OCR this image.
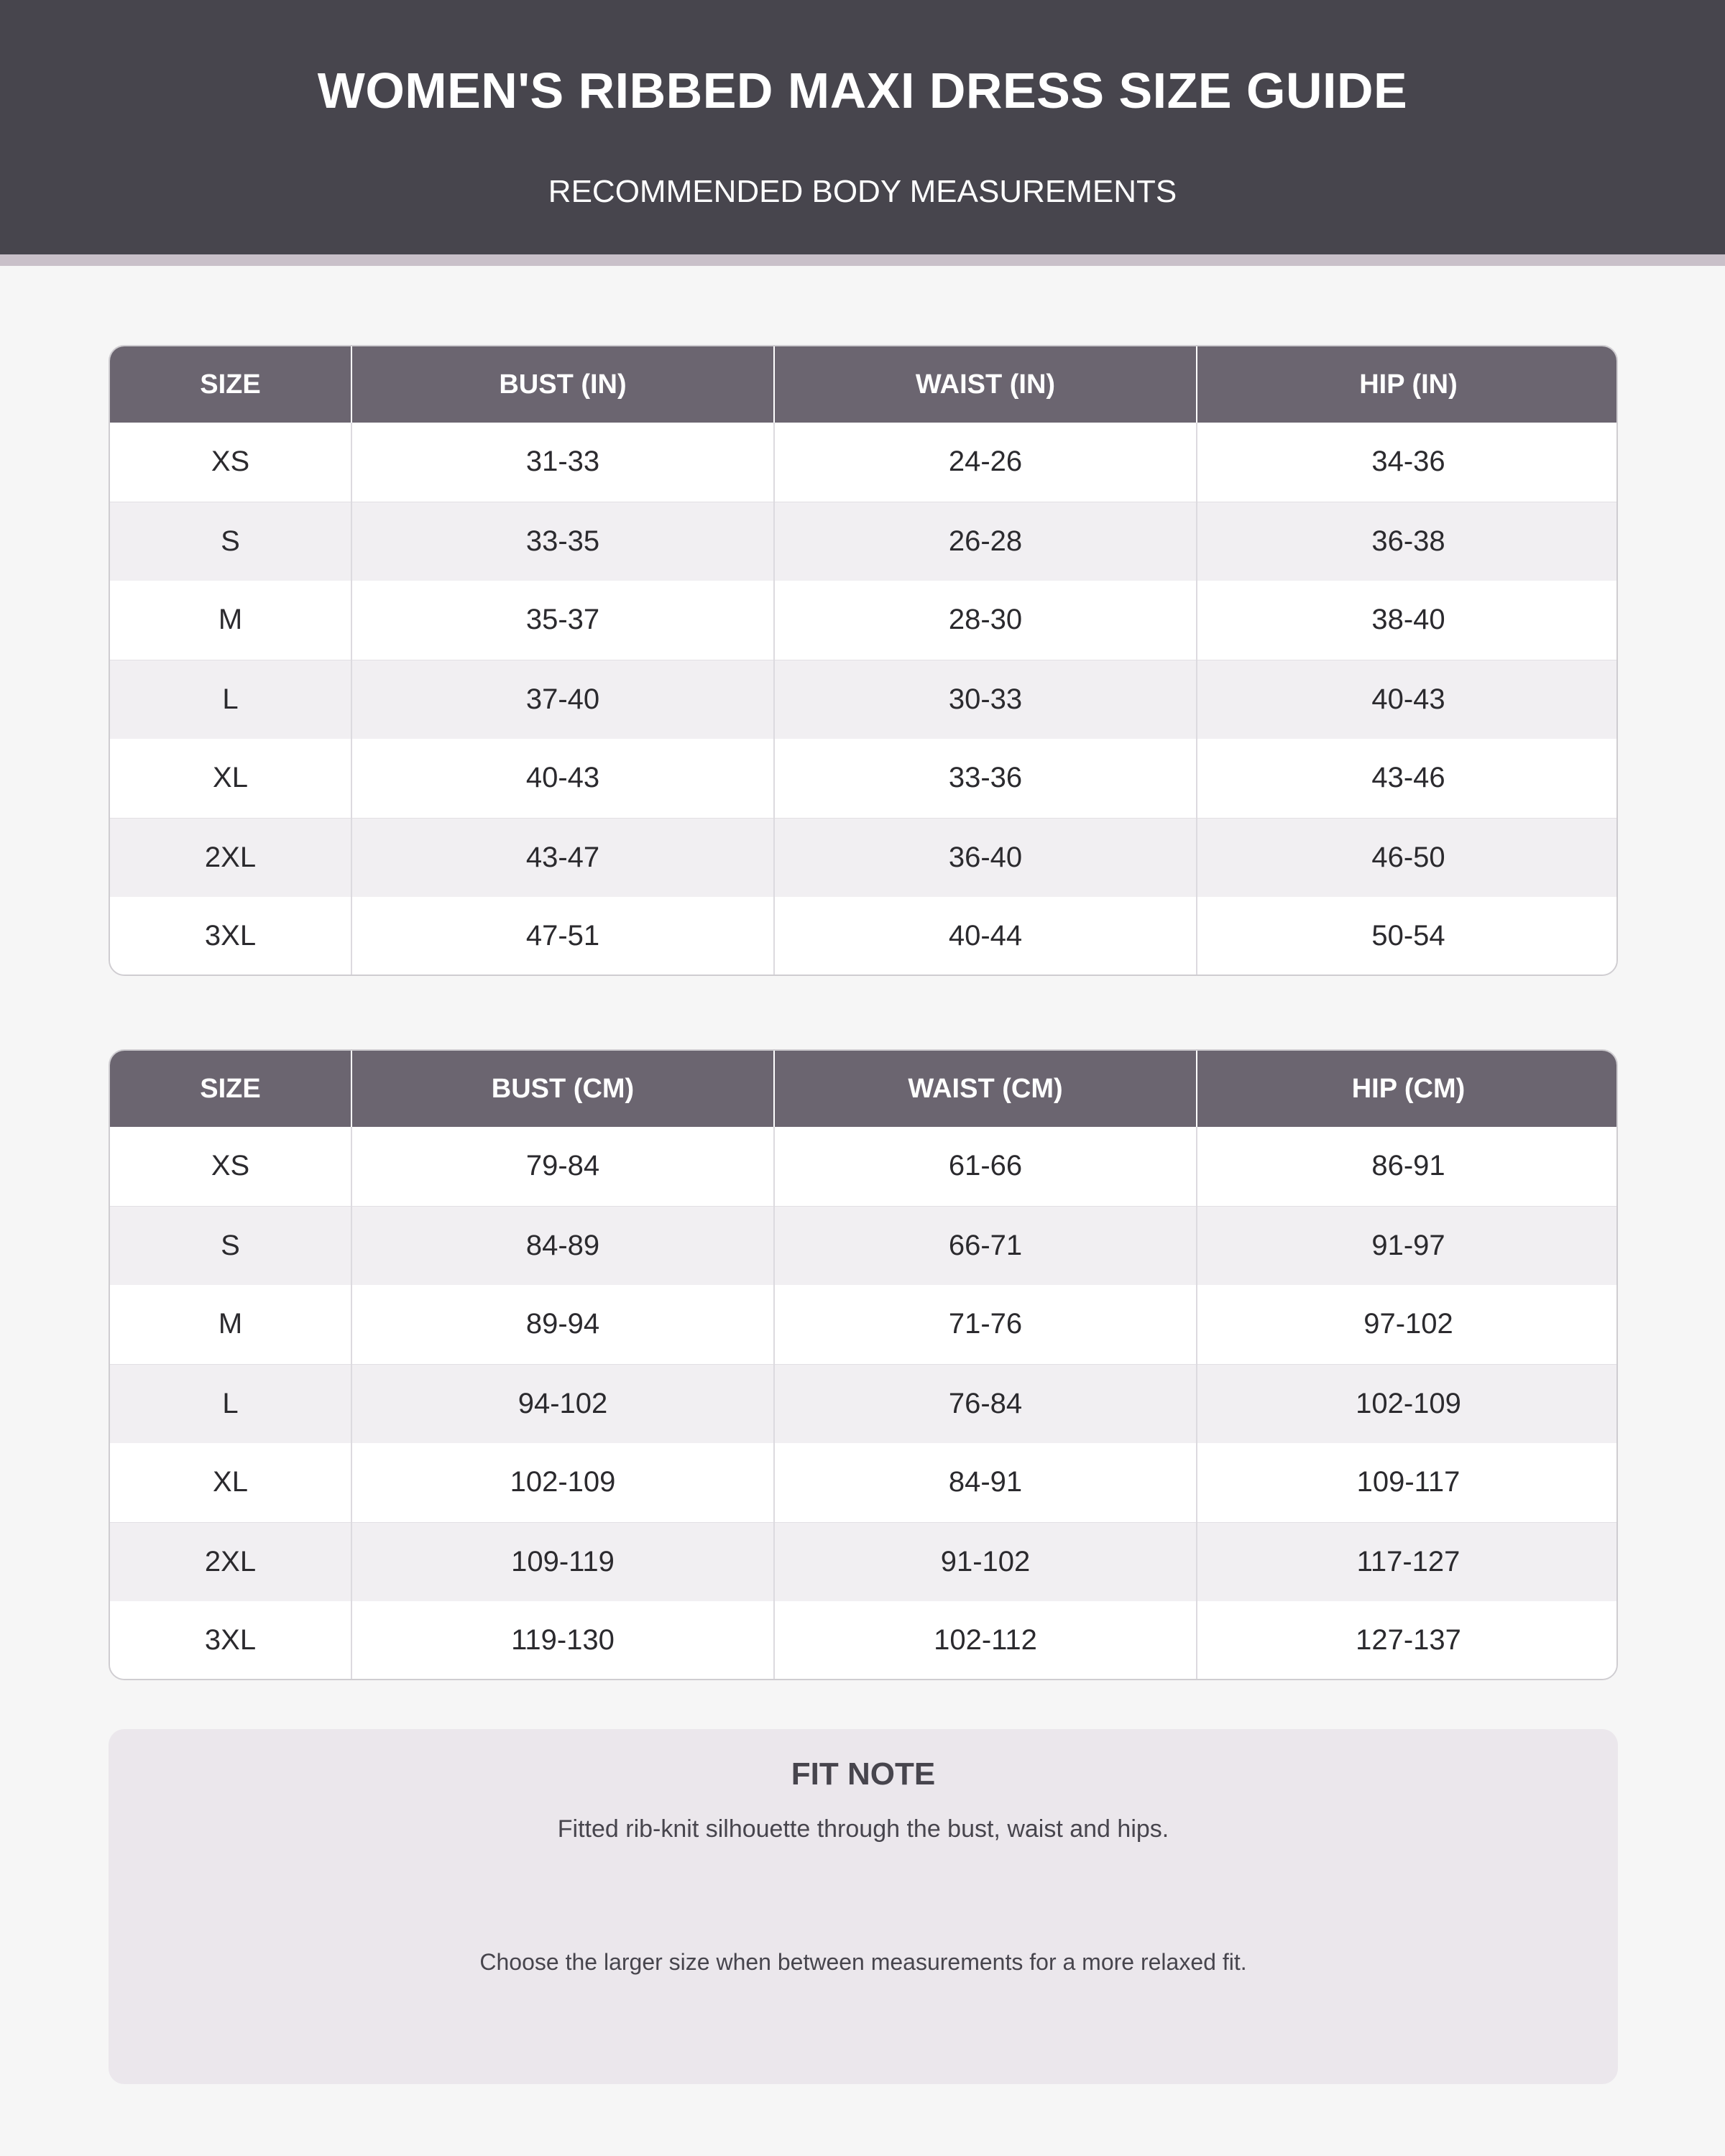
WOMEN'S RIBBED MAXI DRESS SIZE GUIDE
RECOMMENDED BODY MEASUREMENTS
SIZE	BUST (IN)	WAIST (IN)	HIP (IN)
XS	31-33	24-26	34-36
S	33-35	26-28	36-38
M	35-37	28-30	38-40
L	37-40	30-33	40-43
XL	40-43	33-36	43-46
2XL	43-47	36-40	46-50
3XL	47-51	40-44	50-54
SIZE	BUST (CM)	WAIST (CM)	HIP (CM)
XS	79-84	61-66	86-91
S	84-89	66-71	91-97
M	89-94	71-76	97-102
L	94-102	76-84	102-109
XL	102-109	84-91	109-117
2XL	109-119	91-102	117-127
3XL	119-130	102-112	127-137
FIT NOTE
Fitted rib-knit silhouette through the bust, waist and hips.
Choose the larger size when between measurements for a more relaxed fit.
